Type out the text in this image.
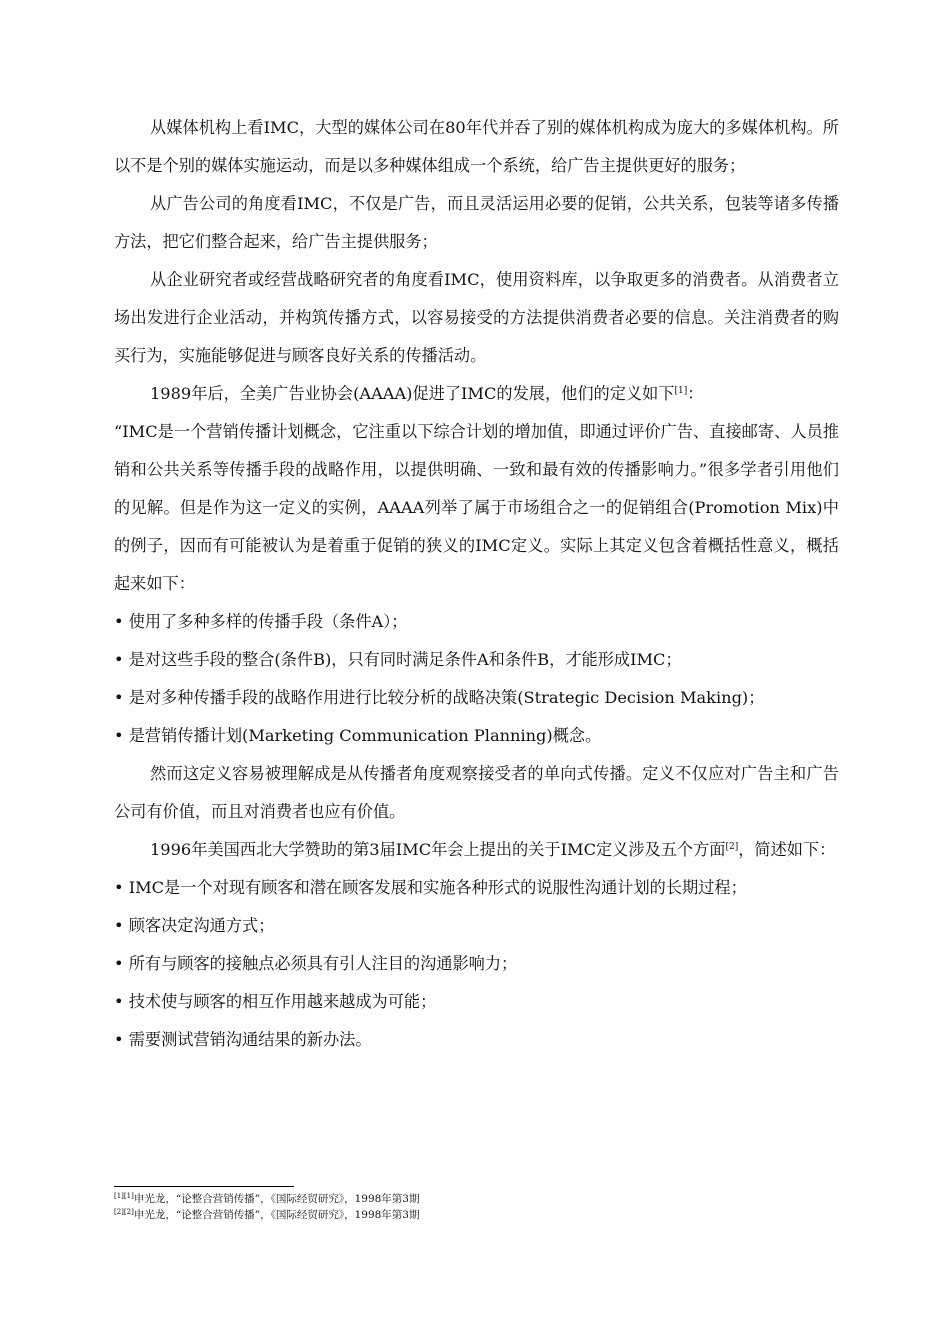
从媒体机构上看IMC，大型的媒体公司在80年代并吞了别的媒体机构成为庞大的多媒体机构。所以不是个别的媒体实施运动，而是以多种媒体组成一个系统，给广告主提供更好的服务；

从广告公司的角度看IMC，不仅是广告，而且灵活运用必要的促销，公共关系，包装等诸多传播方法，把它们整合起来，给广告主提供服务；

从企业研究者或经营战略研究者的角度看IMC，使用资料库，以争取更多的消费者。从消费者立场出发进行企业活动，并构筑传播方式，以容易接受的方法提供消费者必要的信息。关注消费者的购买行为，实施能够促进与顾客良好关系的传播活动。

1989年后，全美广告业协会(AAAA)促进了IMC的发展，他们的定义如下[1]：

“IMC是一个营销传播计划概念，它注重以下综合计划的增加值，即通过评价广告、直接邮寄、人员推销和公共关系等传播手段的战略作用，以提供明确、一致和最有效的传播影响力。”很多学者引用他们的见解。但是作为这一定义的实例，AAAA列举了属于市场组合之一的促销组合(Promotion Mix)中的例子，因而有可能被认为是着重于促销的狭义的IMC定义。实际上其定义包含着概括性意义，概括起来如下：

• 使用了多种多样的传播手段（条件A）；

• 是对这些手段的整合(条件B)，只有同时满足条件A和条件B，才能形成IMC；

• 是对多种传播手段的战略作用进行比较分析的战略决策(Strategic Decision Making)；

• 是营销传播计划(Marketing Communication Planning)概念。

然而这定义容易被理解成是从传播者角度观察接受者的单向式传播。定义不仅应对广告主和广告公司有价值，而且对消费者也应有价值。

1996年美国西北大学赞助的第3届IMC年会上提出的关于IMC定义涉及五个方面[2]，简述如下：

• IMC是一个对现有顾客和潜在顾客发展和实施各种形式的说服性沟通计划的长期过程；

• 顾客决定沟通方式；

• 所有与顾客的接触点必须具有引人注目的沟通影响力；

• 技术使与顾客的相互作用越来越成为可能；

• 需要测试营销沟通结果的新办法。

[1][1]申光龙，“论整合营销传播”，《国际经贸研究》，1998年第3期
[2][2]申光龙，“论整合营销传播”，《国际经贸研究》，1998年第3期
